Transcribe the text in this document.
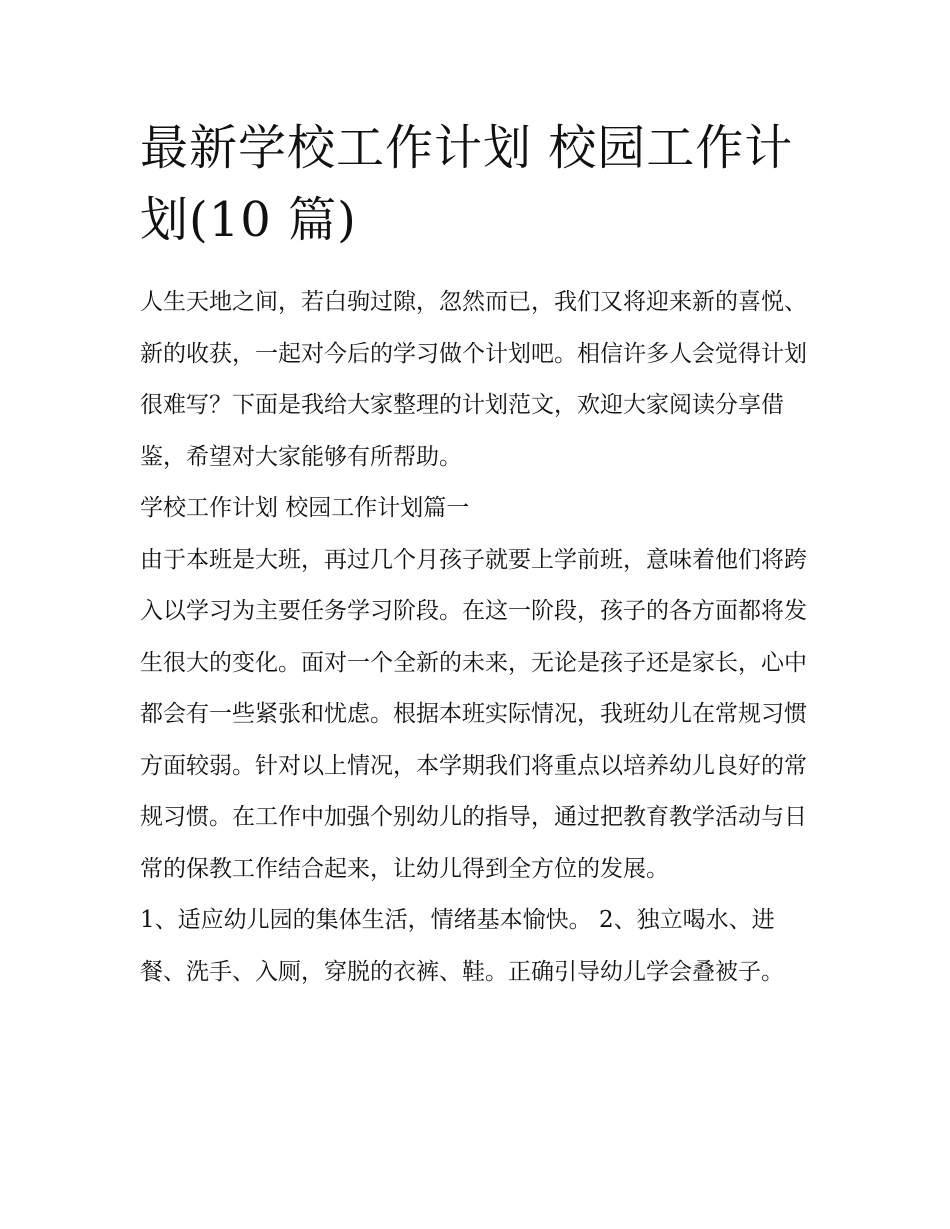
最新学校工作计划 校园工作计划(10 篇)

人生天地之间，若白驹过隙，忽然而已，我们又将迎来新的喜悦、新的收获，一起对今后的学习做个计划吧。相信许多人会觉得计划很难写？下面是我给大家整理的计划范文，欢迎大家阅读分享借鉴，希望对大家能够有所帮助。

学校工作计划 校园工作计划篇一

由于本班是大班，再过几个月孩子就要上学前班，意味着他们将跨入以学习为主要任务学习阶段。在这一阶段，孩子的各方面都将发生很大的变化。面对一个全新的未来，无论是孩子还是家长，心中都会有一些紧张和忧虑。根据本班实际情况，我班幼儿在常规习惯方面较弱。针对以上情况，本学期我们将重点以培养幼儿良好的常规习惯。在工作中加强个别幼儿的指导，通过把教育教学活动与日常的保教工作结合起来，让幼儿得到全方位的发展。

1、适应幼儿园的集体生活，情绪基本愉快。 2、独立喝水、进餐、洗手、入厕，穿脱的衣裤、鞋。正确引导幼儿学会叠被子。
